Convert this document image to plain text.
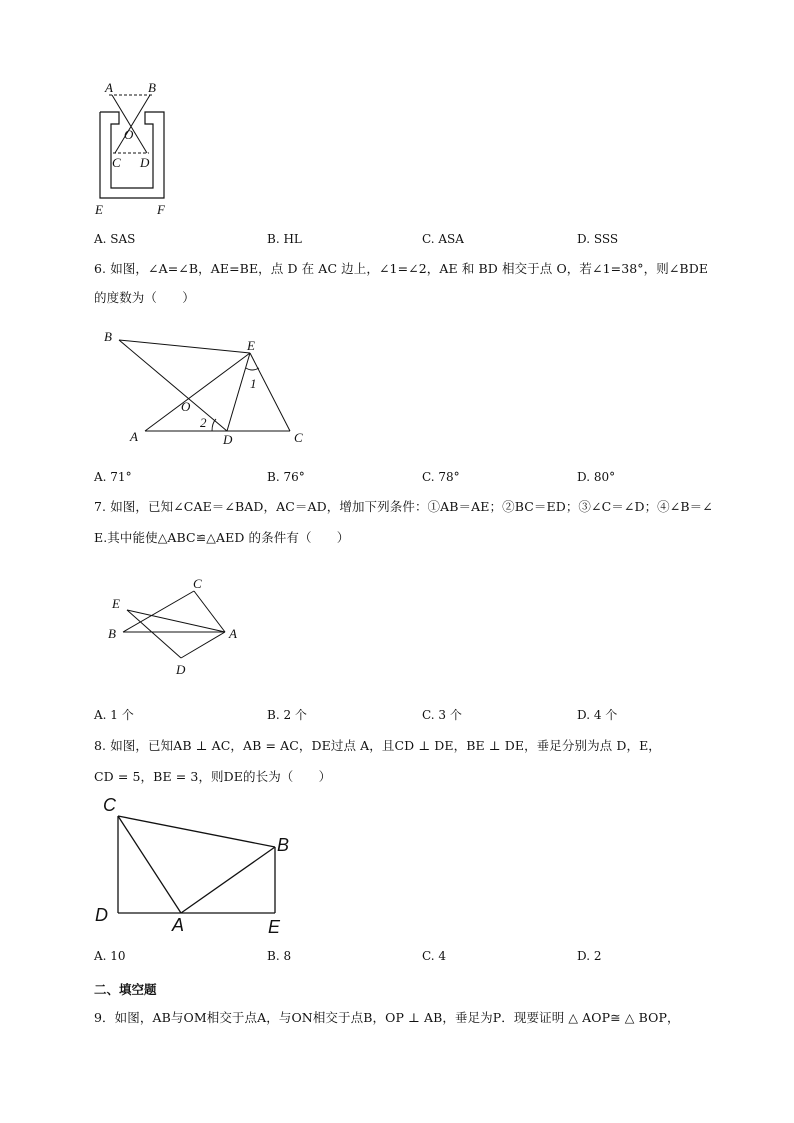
A	B
O
C D
E	F
A. SAS	B. HL	C. ASA	D. SSS
6. 如图，∠A=∠B，AE=BE，点 D 在 AC 边上，∠1=∠2，AE 和 BD 相交于点 O，若∠1=38°，则∠BDE
的度数为（　　）
B
E
1
O
2
A	D	C
A. 71°	B. 76°	C. 78°	D. 80°
7. 如图，已知∠CAE＝∠BAD，AC＝AD，增加下列条件：①AB＝AE；②BC＝ED；③∠C＝∠D；④∠B＝∠
E.其中能使△ABC≌△AED 的条件有（　　）
C
E
B	A
D
A. 1 个	B. 2 个	C. 3 个	D. 4 个
8. 如图，已知AB ⊥ AC，AB = AC，DE过点 A，且CD ⊥ DE，BE ⊥ DE，垂足分别为点 D，E，
CD = 5，BE = 3，则DE的长为（　　）
C
B
D	A	E
A. 10	B. 8	C. 4	D. 2
二、填空题
9．如图，AB与OM相交于点A，与ON相交于点B，OP ⊥ AB，垂足为P．现要证明 △ AOP≅ △ BOP，
